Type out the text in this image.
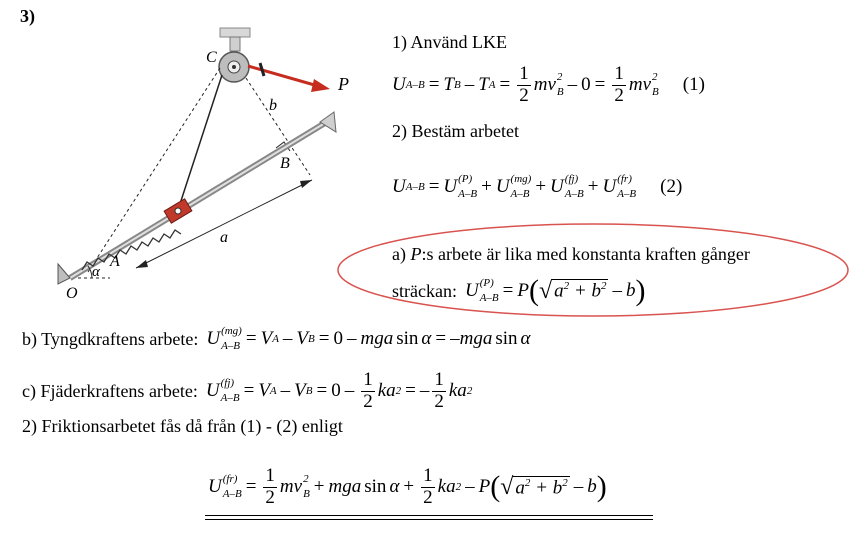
3)
C
P
b
B
a
A
α
O
1) Använd LKE
U A–B = T B – T $A = \frac{1}{2}$ mv 2
$B - 0 = \frac{1}{2}$ mv 2
B (1)
2) Bestäm arbetet
U A–B = U (P)
A–B + U (mg)
A–B + U (fj)
A–B + U (fr)
A–B (2)
a) P:s arbete är lika med konstanta kraften gånger
sträckan: U (P)
A–B = P ( √ $a^2 + b^2 - b$ )
b) Tyngdkraftens arbete: U (mg)
A–B = V A – V B = 0 – mga sin α = –mga sin α
c) Fjäderkraftens arbete: U (fj)
A–B = V A – V $B = 0 - \frac{1}{2}$ ka 2 = – $\frac{1}{2}$ ka 2
2) Friktionsarbetet fås då från (1) - (2) enligt
U (fr)
$A-B = \frac{1}{2}$ mv 2
B + mga $\sin \alpha + \frac{1}{2}$ ka 2 – P ( √ $a^2 + b^2 - b$ )
